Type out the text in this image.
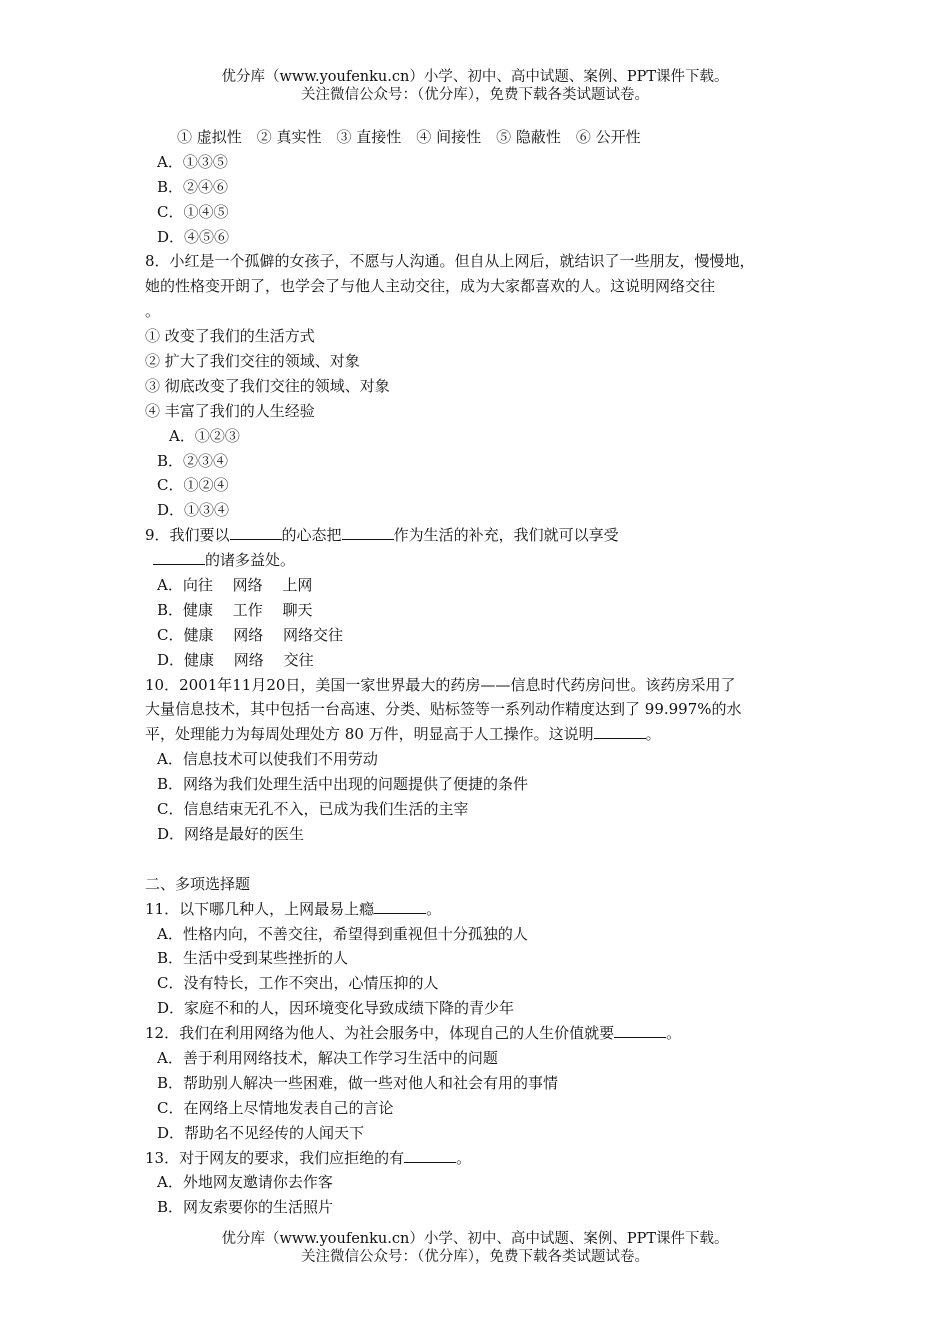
优分库（www.youfenku.cn）小学、初中、高中试题、案例、PPT课件下载。
关注微信公众号：（优分库），免费下载各类试题试卷。
① 虚拟性　② 真实性　③ 直接性　④ 间接性　⑤ 隐蔽性　⑥ 公开性
A．①③⑤
B．②④⑥
C．①④⑤
D．④⑤⑥
8．小红是一个孤僻的女孩子，不愿与人沟通。但自从上网后，就结识了一些朋友，慢慢地，
她的性格变开朗了，也学会了与他人主动交往，成为大家都喜欢的人。这说明网络交往
。
① 改变了我们的生活方式
② 扩大了我们交往的领域、对象
③ 彻底改变了我们交往的领域、对象
④ 丰富了我们的人生经验
A．①②③
B．②③④
C．①②④
D．①③④
9．我们要以	的心态把	作为生活的补充，我们就可以享受
的诸多益处。
A．向往　 网络　 上网
B．健康　 工作　 聊天
C．健康　 网络　 网络交往
D．健康　 网络　 交往
10．2001年11月20日，美国一家世界最大的药房——信息时代药房问世。该药房采用了
大量信息技术，其中包括一台高速、分类、贴标签等一系列动作精度达到了 99.997%的水
平，处理能力为每周处理处方 80 万件，明显高于人工操作。这说明	。
A．信息技术可以使我们不用劳动
B．网络为我们处理生活中出现的问题提供了便捷的条件
C．信息结束无孔不入，已成为我们生活的主宰
D．网络是最好的医生
二、多项选择题
11．以下哪几种人，上网最易上瘾	。
A．性格内向，不善交往，希望得到重视但十分孤独的人
B．生活中受到某些挫折的人
C．没有特长，工作不突出，心情压抑的人
D．家庭不和的人，因环境变化导致成绩下降的青少年
12．我们在利用网络为他人、为社会服务中，体现自己的人生价值就要	。
A．善于利用网络技术，解决工作学习生活中的问题
B．帮助别人解决一些困难，做一些对他人和社会有用的事情
C．在网络上尽情地发表自己的言论
D．帮助名不见经传的人闻天下
13．对于网友的要求，我们应拒绝的有	。
A．外地网友邀请你去作客
B．网友索要你的生活照片
优分库（www.youfenku.cn）小学、初中、高中试题、案例、PPT课件下载。
关注微信公众号：（优分库），免费下载各类试题试卷。
